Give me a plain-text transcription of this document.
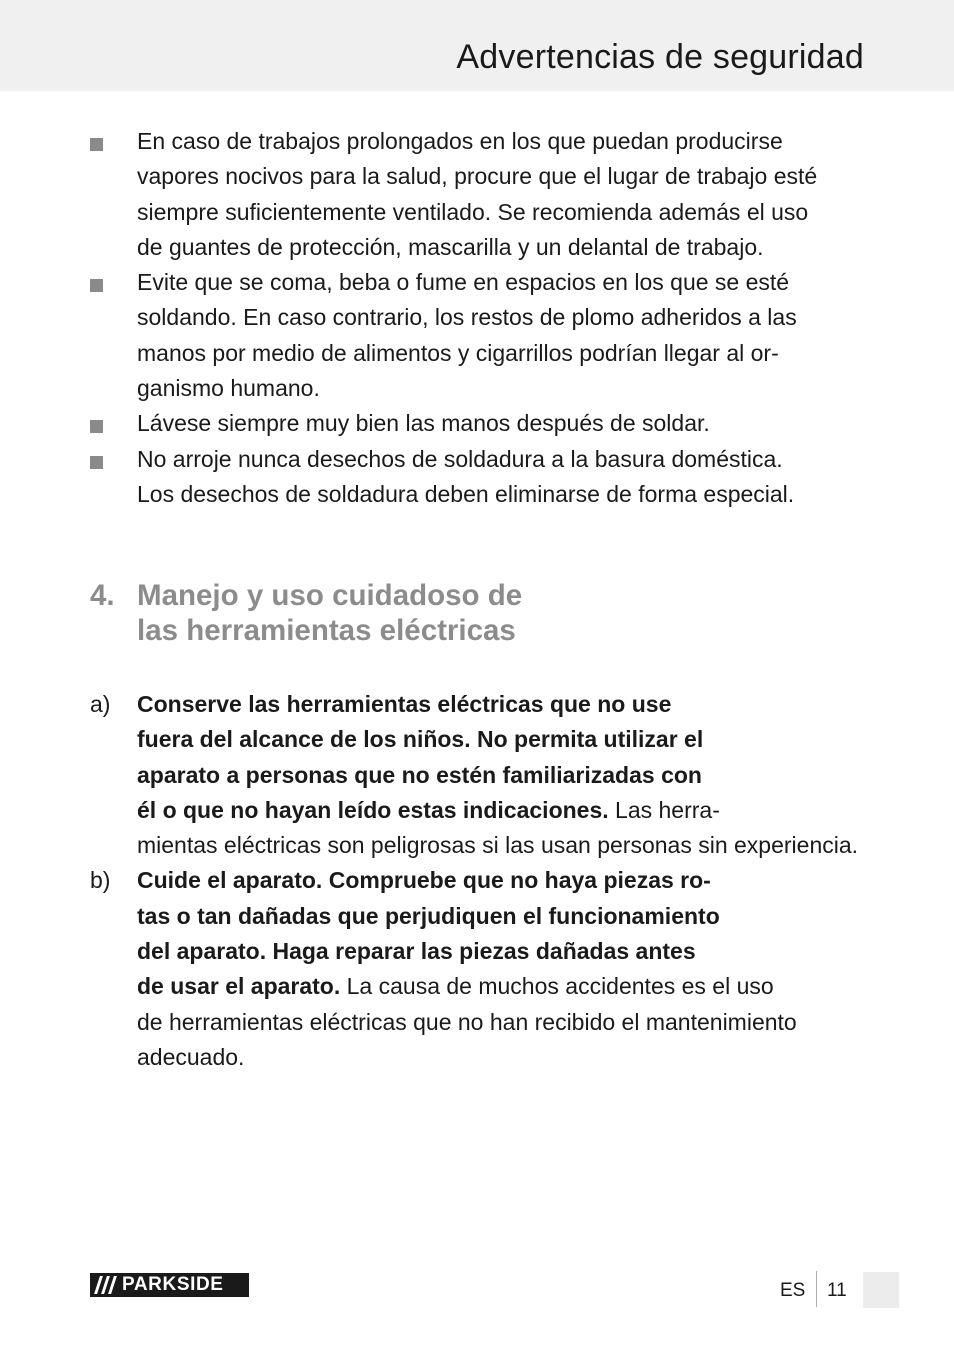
Advertencias de seguridad
En caso de trabajos prolongados en los que puedan producirse
vapores nocivos para la salud, procure que el lugar de trabajo esté
siempre suficientemente ventilado. Se recomienda además el uso
de guantes de protección, mascarilla y un delantal de trabajo.
Evite que se coma, beba o fume en espacios en los que se esté
soldando. En caso contrario, los restos de plomo adheridos a las
manos por medio de alimentos y cigarrillos podrían llegar al or-
ganismo humano.
Lávese siempre muy bien las manos después de soldar.
No arroje nunca desechos de soldadura a la basura doméstica.
Los desechos de soldadura deben eliminarse de forma especial.
4. Manejo y uso cuidadoso de
las herramientas eléctricas
a) Conserve las herramientas eléctricas que no use
fuera del alcance de los niños. No permita utilizar el
aparato a personas que no estén familiarizadas con
él o que no hayan leído estas indicaciones. Las herra-
mientas eléctricas son peligrosas si las usan personas sin experiencia.
b) Cuide el aparato. Compruebe que no haya piezas ro-
tas o tan dañadas que perjudiquen el funcionamiento
del aparato. Haga reparar las piezas dañadas antes
de usar el aparato. La causa de muchos accidentes es el uso
de herramientas eléctricas que no han recibido el mantenimiento
adecuado.
PARKSIDE	ES 11
